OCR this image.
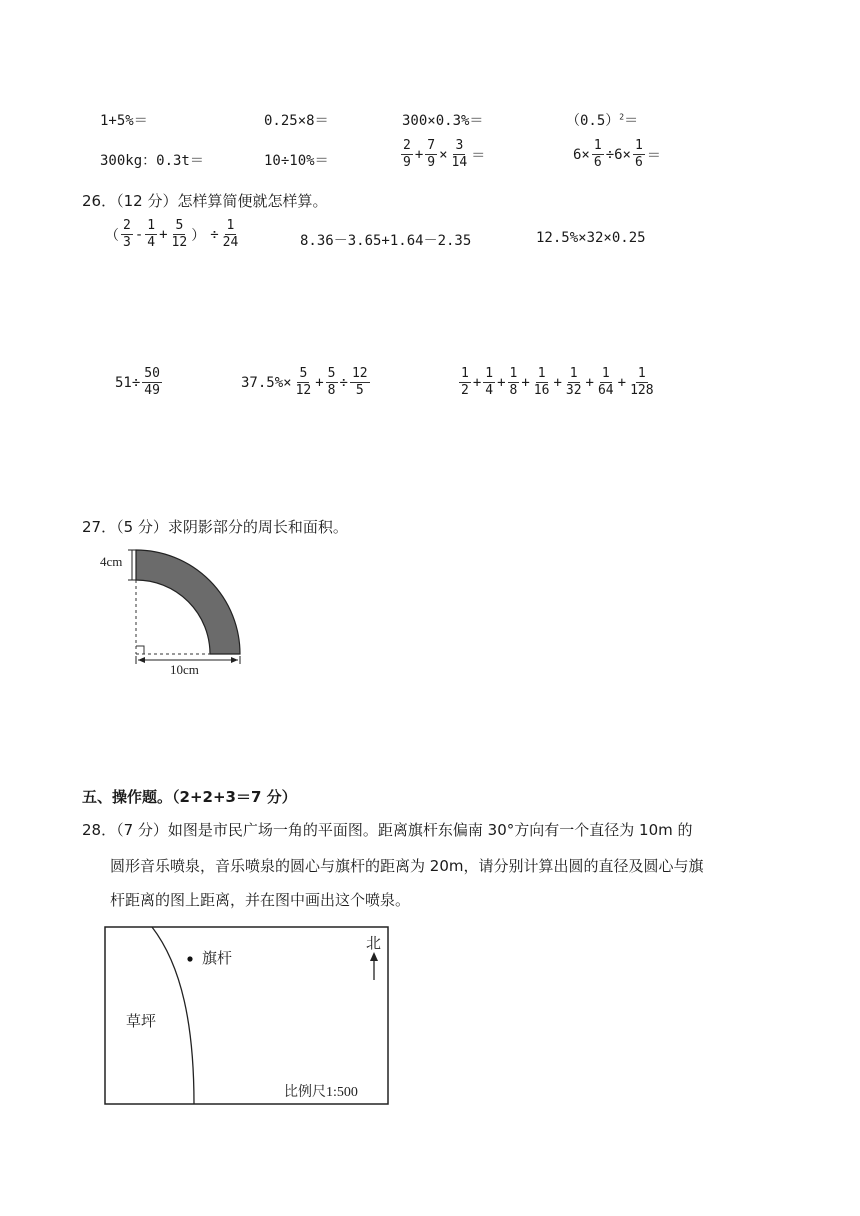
1+5%＝	0.25×8＝	300×0.3%＝	$(0.5)^2=$
300kg：0.3t＝	10÷10%＝	$\frac{2}{9} + \frac{7}{9} \times \frac{3}{14}$ ＝	$6\times \frac{1}{6} \div 6\times \frac{1}{6}$ ＝
26．（12 分）怎样算简便就怎样算。
（ $\frac{2}{3} - \frac{1}{4} + \frac{5}{12}$ ） ÷ $\frac{1}{24}$	8.36－3.65+1.64－2.35	12.5%×32×0.25
$51\div \frac{50}{49}$	$37.5\%\times \frac{5}{12} + \frac{5}{8} \div \frac{12}{5}$	$\frac{1}{2} + \frac{1}{4} + \frac{1}{8} + \frac{1}{16} + \frac{1}{32} + \frac{1}{64} + \frac{1}{128}$
27．（5 分）求阴影部分的周长和面积。
4cm
10cm
五、操作题。（2+2+3＝7 分）
28．（7 分）如图是市民广场一角的平面图。距离旗杆东偏南 30°方向有一个直径为 10m 的
圆形音乐喷泉，音乐喷泉的圆心与旗杆的距离为 20m，请分别计算出圆的直径及圆心与旗
杆距离的图上距离，并在图中画出这个喷泉。
旗杆
北
草坪
比例尺1:500
